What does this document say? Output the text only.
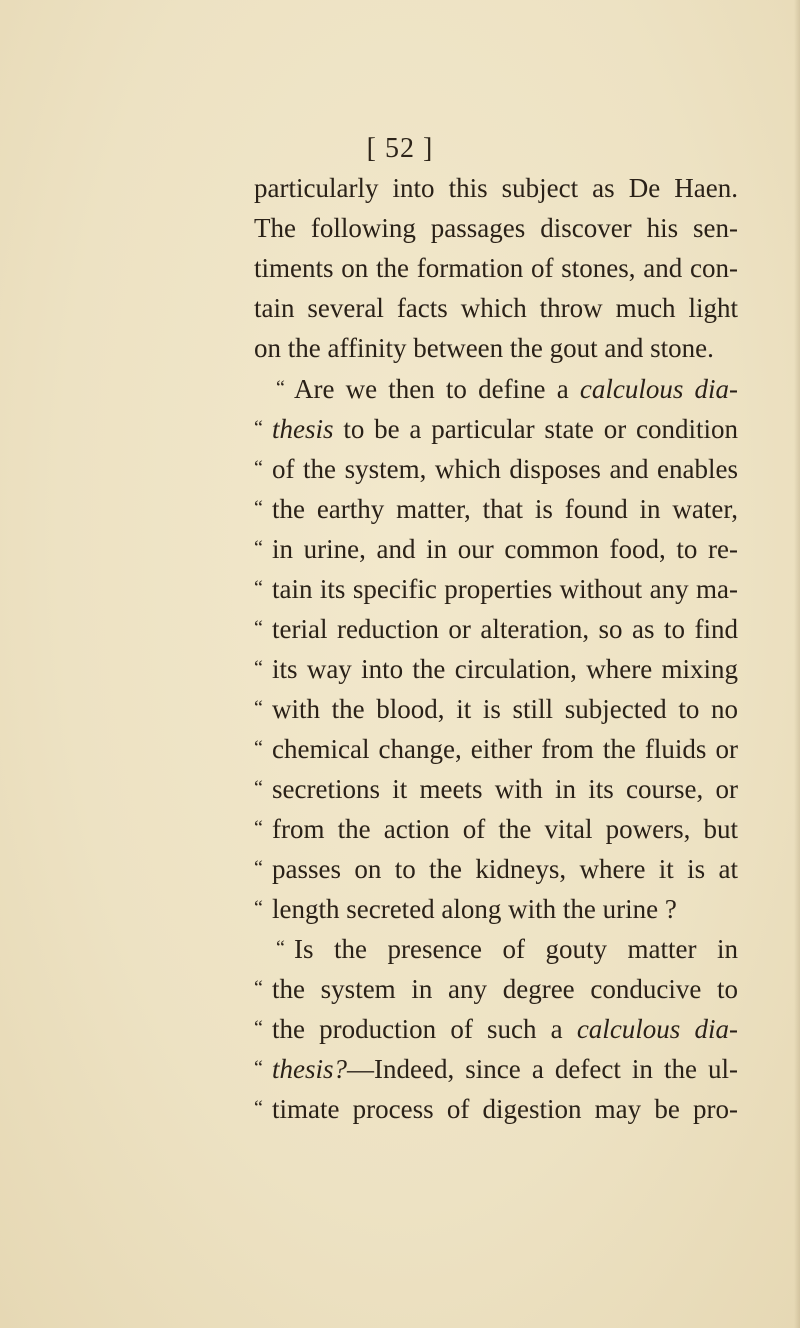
[ 52 ]
particularly into this subject as De Haen.
The following passages discover his sen-
timents on the formation of stones, and con-
tain several facts which throw much light
on the affinity between the gout and stone.
“ Are we then to define a calculous dia-
“ thesis to be a particular state or condition
“ of the system, which disposes and enables
“ the earthy matter, that is found in water,
“ in urine, and in our common food, to re-
“ tain its specific properties without any ma-
“ terial reduction or alteration, so as to find
“ its way into the circulation, where mixing
“ with the blood, it is still subjected to no
“ chemical change, either from the fluids or
“ secretions it meets with in its course, or
“ from the action of the vital powers, but
“ passes on to the kidneys, where it is at
“ length secreted along with the urine ?
“ Is the presence of gouty matter in
“ the system in any degree conducive to
“ the production of such a calculous dia-
“ thesis?—Indeed, since a defect in the ul-
“ timate process of digestion may be pro-
